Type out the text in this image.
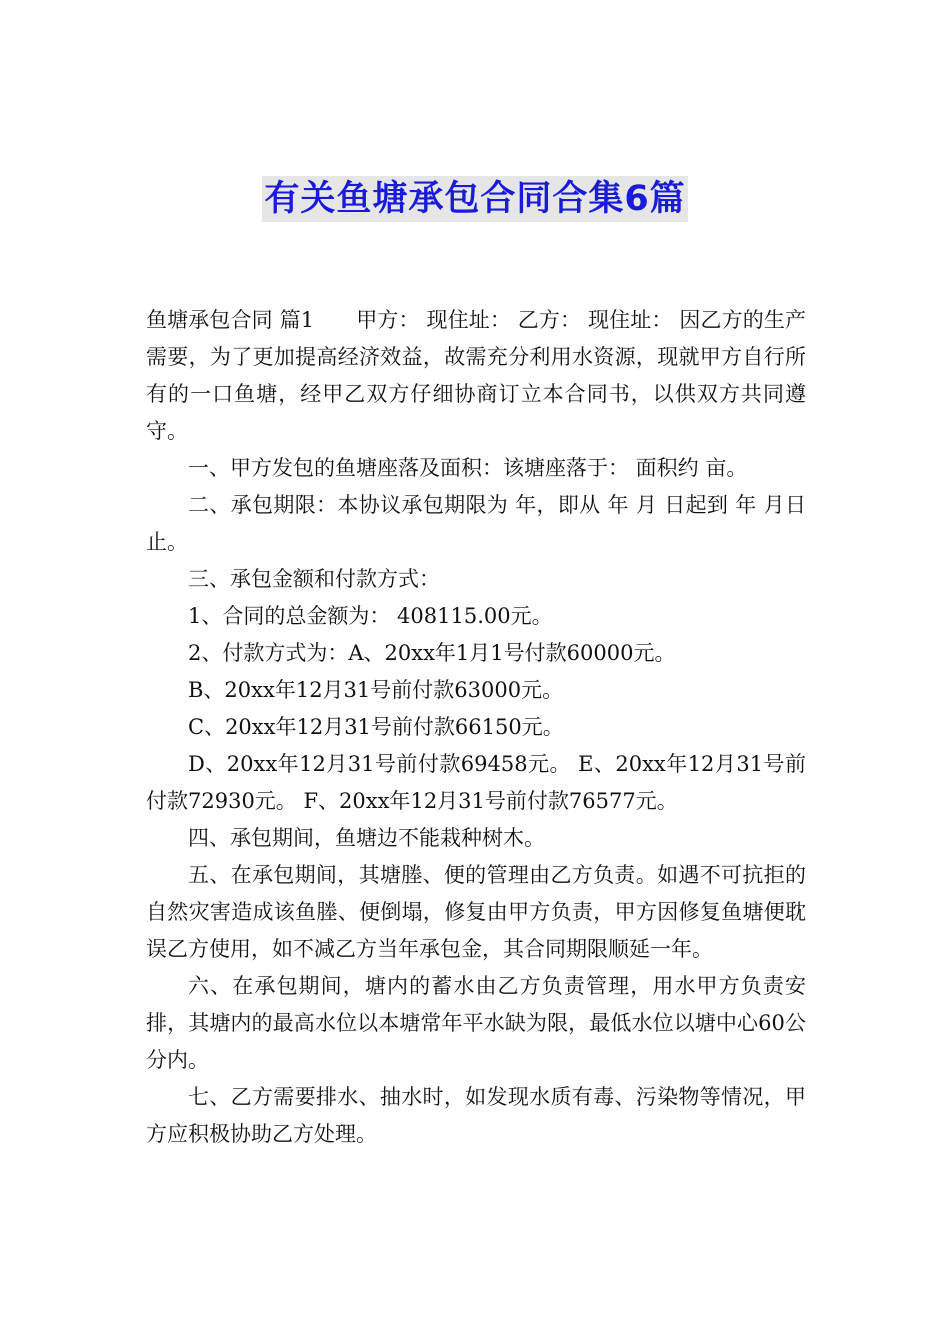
有关鱼塘承包合同合集6篇

鱼塘承包合同 篇1 甲方： 现住址： 乙方： 现住址： 因乙方的生产需要，为了更加提高经济效益，故需充分利用水资源，现就甲方自行所有的一口鱼塘，经甲乙双方仔细协商订立本合同书，以供双方共同遵守。

一、甲方发包的鱼塘座落及面积：该塘座落于： 面积约 亩。

二、承包期限：本协议承包期限为 年，即从 年 月 日起到 年 月日止。

三、承包金额和付款方式：

1、合同的总金额为： 408115.00元。

2、付款方式为：A、20xx年1月1号付款60000元。

B、20xx年12月31号前付款63000元。

C、20xx年12月31号前付款66150元。

D、20xx年12月31号前付款69458元。 E、20xx年12月31号前付款72930元。 F、20xx年12月31号前付款76577元。

四、承包期间，鱼塘边不能栽种树木。

五、在承包期间，其塘塍、便的管理由乙方负责。如遇不可抗拒的自然灾害造成该鱼塍、便倒塌，修复由甲方负责，甲方因修复鱼塘便耽误乙方使用，如不减乙方当年承包金，其合同期限顺延一年。

六、在承包期间，塘内的蓄水由乙方负责管理，用水甲方负责安排，其塘内的最高水位以本塘常年平水缺为限，最低水位以塘中心60公分内。

七、乙方需要排水、抽水时，如发现水质有毒、污染物等情况，甲方应积极协助乙方处理。
